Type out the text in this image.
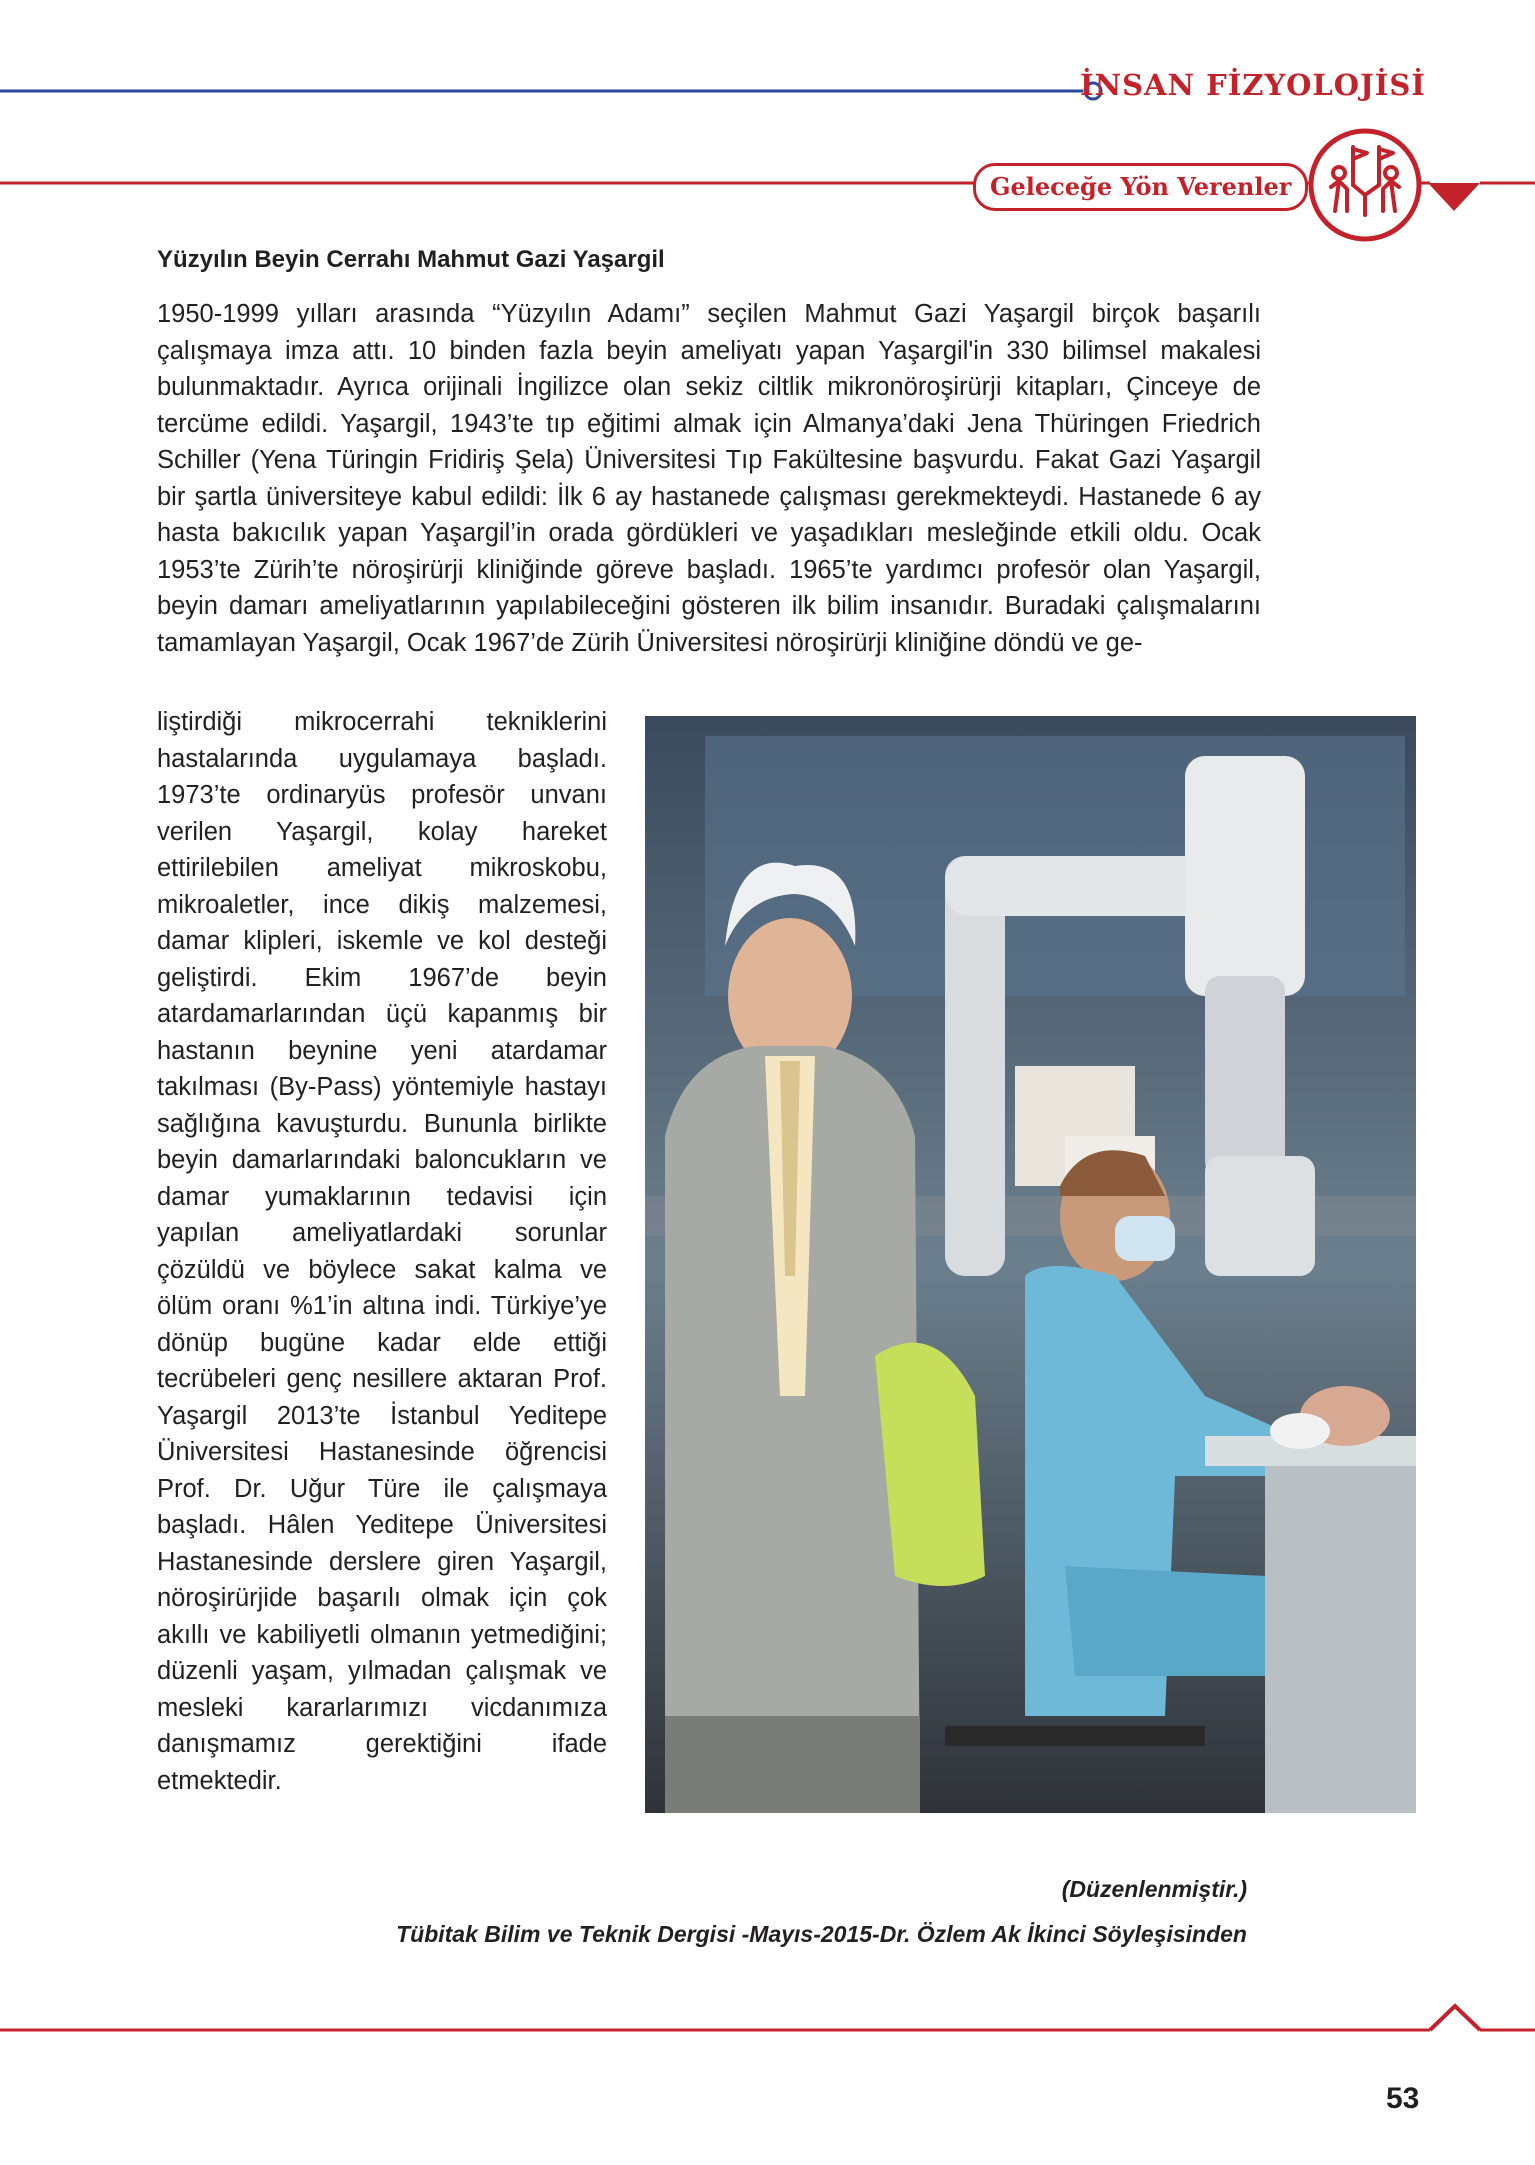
İNSAN FİZYOLOJİSİ
Geleceğe Yön Verenler
Yüzyılın Beyin Cerrahı Mahmut Gazi Yaşargil
1950-1999 yılları arasında “Yüzyılın Adamı” seçilen Mahmut Gazi Yaşargil birçok başarılı çalışmaya imza attı. 10 binden fazla beyin ameliyatı yapan Yaşargil'in 330 bilimsel makalesi bulunmaktadır. Ayrıca orijinali İngilizce olan sekiz ciltlik mikronöroşirürji kitapları, Çinceye de tercüme edildi. Yaşargil, 1943’te tıp eğitimi almak için Almanya’daki Jena Thüringen Friedrich Schiller (Yena Türingin Fridiriş Şela) Üniversitesi Tıp Fakültesine başvurdu. Fakat Gazi Yaşargil bir şartla üniversiteye kabul edildi: İlk 6 ay hastanede çalışması gerekmekteydi. Hastanede 6 ay hasta bakıcılık yapan Yaşargil’in orada gördükleri ve yaşadıkları mesleğinde etkili oldu. Ocak 1953’te Zürih’te nöroşirürji kliniğinde göreve başladı. 1965’te yardımcı profesör olan Yaşargil, beyin damarı ameliyatlarının yapılabileceğini gösteren ilk bilim insanıdır. Buradaki çalışmalarını tamamlayan Yaşargil, Ocak 1967’de Zürih Üniversitesi nöroşirürji kliniğine döndü ve ge-
liştirdiği mikrocerrahi tekniklerini hastalarında uygulamaya başladı. 1973’te ordinaryüs profesör unvanı verilen Yaşargil, kolay hareket ettirilebilen ameliyat mikroskobu, mikroaletler, ince dikiş malzemesi, damar klipleri, iskemle ve kol desteği geliştirdi. Ekim 1967’de beyin atardamarlarından üçü kapanmış bir hastanın beynine yeni atardamar takılması (By-Pass) yöntemiyle hastayı sağlığına kavuşturdu. Bununla birlikte beyin damarlarındaki baloncukların ve damar yumaklarının tedavisi için yapılan ameliyatlardaki sorunlar çözüldü ve böylece sakat kalma ve ölüm oranı %1’in altına indi. Türkiye’ye dönüp bugüne kadar elde ettiği tecrübeleri genç nesillere aktaran Prof. Yaşargil 2013’te İstanbul Yeditepe Üniversitesi Hastanesinde öğrencisi Prof. Dr. Uğur Türe ile çalışmaya başladı. Hâlen Yeditepe Üniversitesi Hastanesinde derslere giren Yaşargil, nöroşirürjide başarılı olmak için çok akıllı ve kabiliyetli olmanın yetmediğini; düzenli yaşam, yılmadan çalışmak ve mesleki kararlarımızı vicdanımıza danışmamız gerektiğini ifade etmektedir.
(Düzenlenmiştir.)
Tübitak Bilim ve Teknik Dergisi -Mayıs-2015-Dr. Özlem Ak İkinci Söyleşisinden
53
